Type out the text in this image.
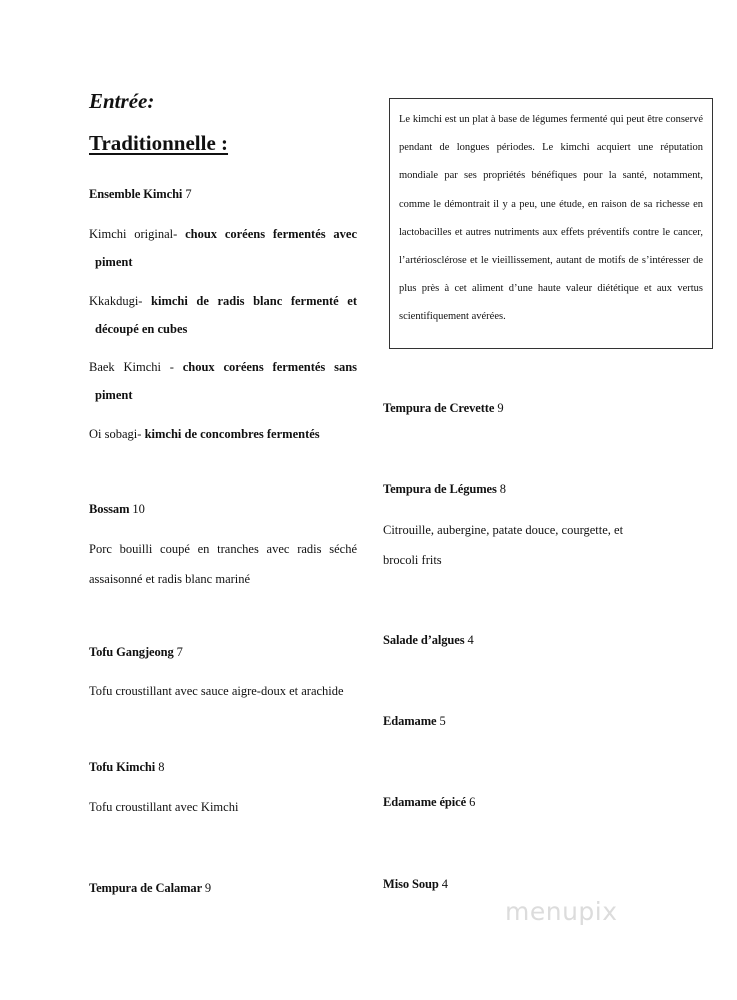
Entrée:
Traditionnelle :
Le kimchi est un plat à base de légumes fermenté qui peut être conservé pendant de longues périodes. Le kimchi acquiert une réputation mondiale par ses propriétés bénéfiques pour la santé, notamment, comme le démontrait il y a peu, une étude, en raison de sa richesse en lactobacilles et autres nutriments aux effets préventifs contre le cancer, l’artériosclérose et le vieillissement, autant de motifs de s’intéresser de plus près à cet aliment d’une haute valeur diététique et aux vertus scientifiquement avérées.
Ensemble Kimchi 7
Kimchi original- choux coréens fermentés avec
piment
Kkakdugi- kimchi de radis blanc fermenté et
découpé en cubes
Baek Kimchi - choux coréens fermentés sans
piment
Oi sobagi- kimchi de concombres fermentés
Bossam 10
Porc bouilli coupé en tranches avec radis séché
assaisonné et radis blanc mariné
Tofu Gangjeong 7
Tofu croustillant avec sauce aigre-doux et arachide
Tofu Kimchi 8
Tofu croustillant avec Kimchi
Tempura de Calamar 9
Tempura de Crevette 9
Tempura de Légumes 8
Citrouille, aubergine, patate douce, courgette, et
brocoli frits
Salade d’algues 4
Edamame 5
Edamame épicé 6
Miso Soup 4
menupix
